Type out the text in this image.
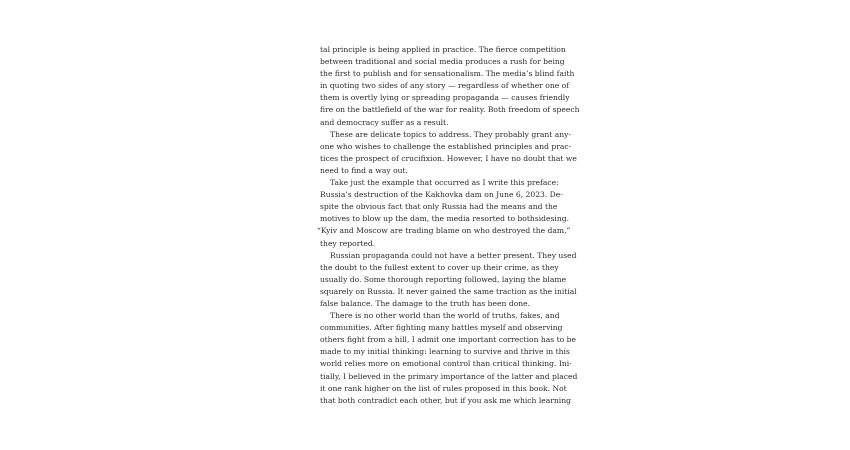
tal principle is being applied in practice. The fierce competition
between traditional and social media produces a rush for being
the first to publish and for sensationalism. The media’s blind faith
in quoting two sides of any story — regardless of whether one of
them is overtly lying or spreading propaganda — causes friendly
fire on the battlefield of the war for reality. Both freedom of speech
and democracy suffer as a result.
These are delicate topics to address. They probably grant any-
one who wishes to challenge the established principles and prac-
tices the prospect of crucifixion. However, I have no doubt that we
need to find a way out.
Take just the example that occurred as I write this preface:
Russia’s destruction of the Kakhovka dam on June 6, 2023. De-
spite the obvious fact that only Russia had the means and the
motives to blow up the dam, the media resorted to bothsidesing.
“Kyiv and Moscow are trading blame on who destroyed the dam,”
they reported.
Russian propaganda could not have a better present. They used
the doubt to the fullest extent to cover up their crime, as they
usually do. Some thorough reporting followed, laying the blame
squarely on Russia. It never gained the same traction as the initial
false balance. The damage to the truth has been done.
There is no other world than the world of truths, fakes, and
communities. After fighting many battles myself and observing
others fight from a hill, I admit one important correction has to be
made to my initial thinking: learning to survive and thrive in this
world relies more on emotional control than critical thinking. Ini-
tially, I believed in the primary importance of the latter and placed
it one rank higher on the list of rules proposed in this book. Not
that both contradict each other, but if you ask me which learning
